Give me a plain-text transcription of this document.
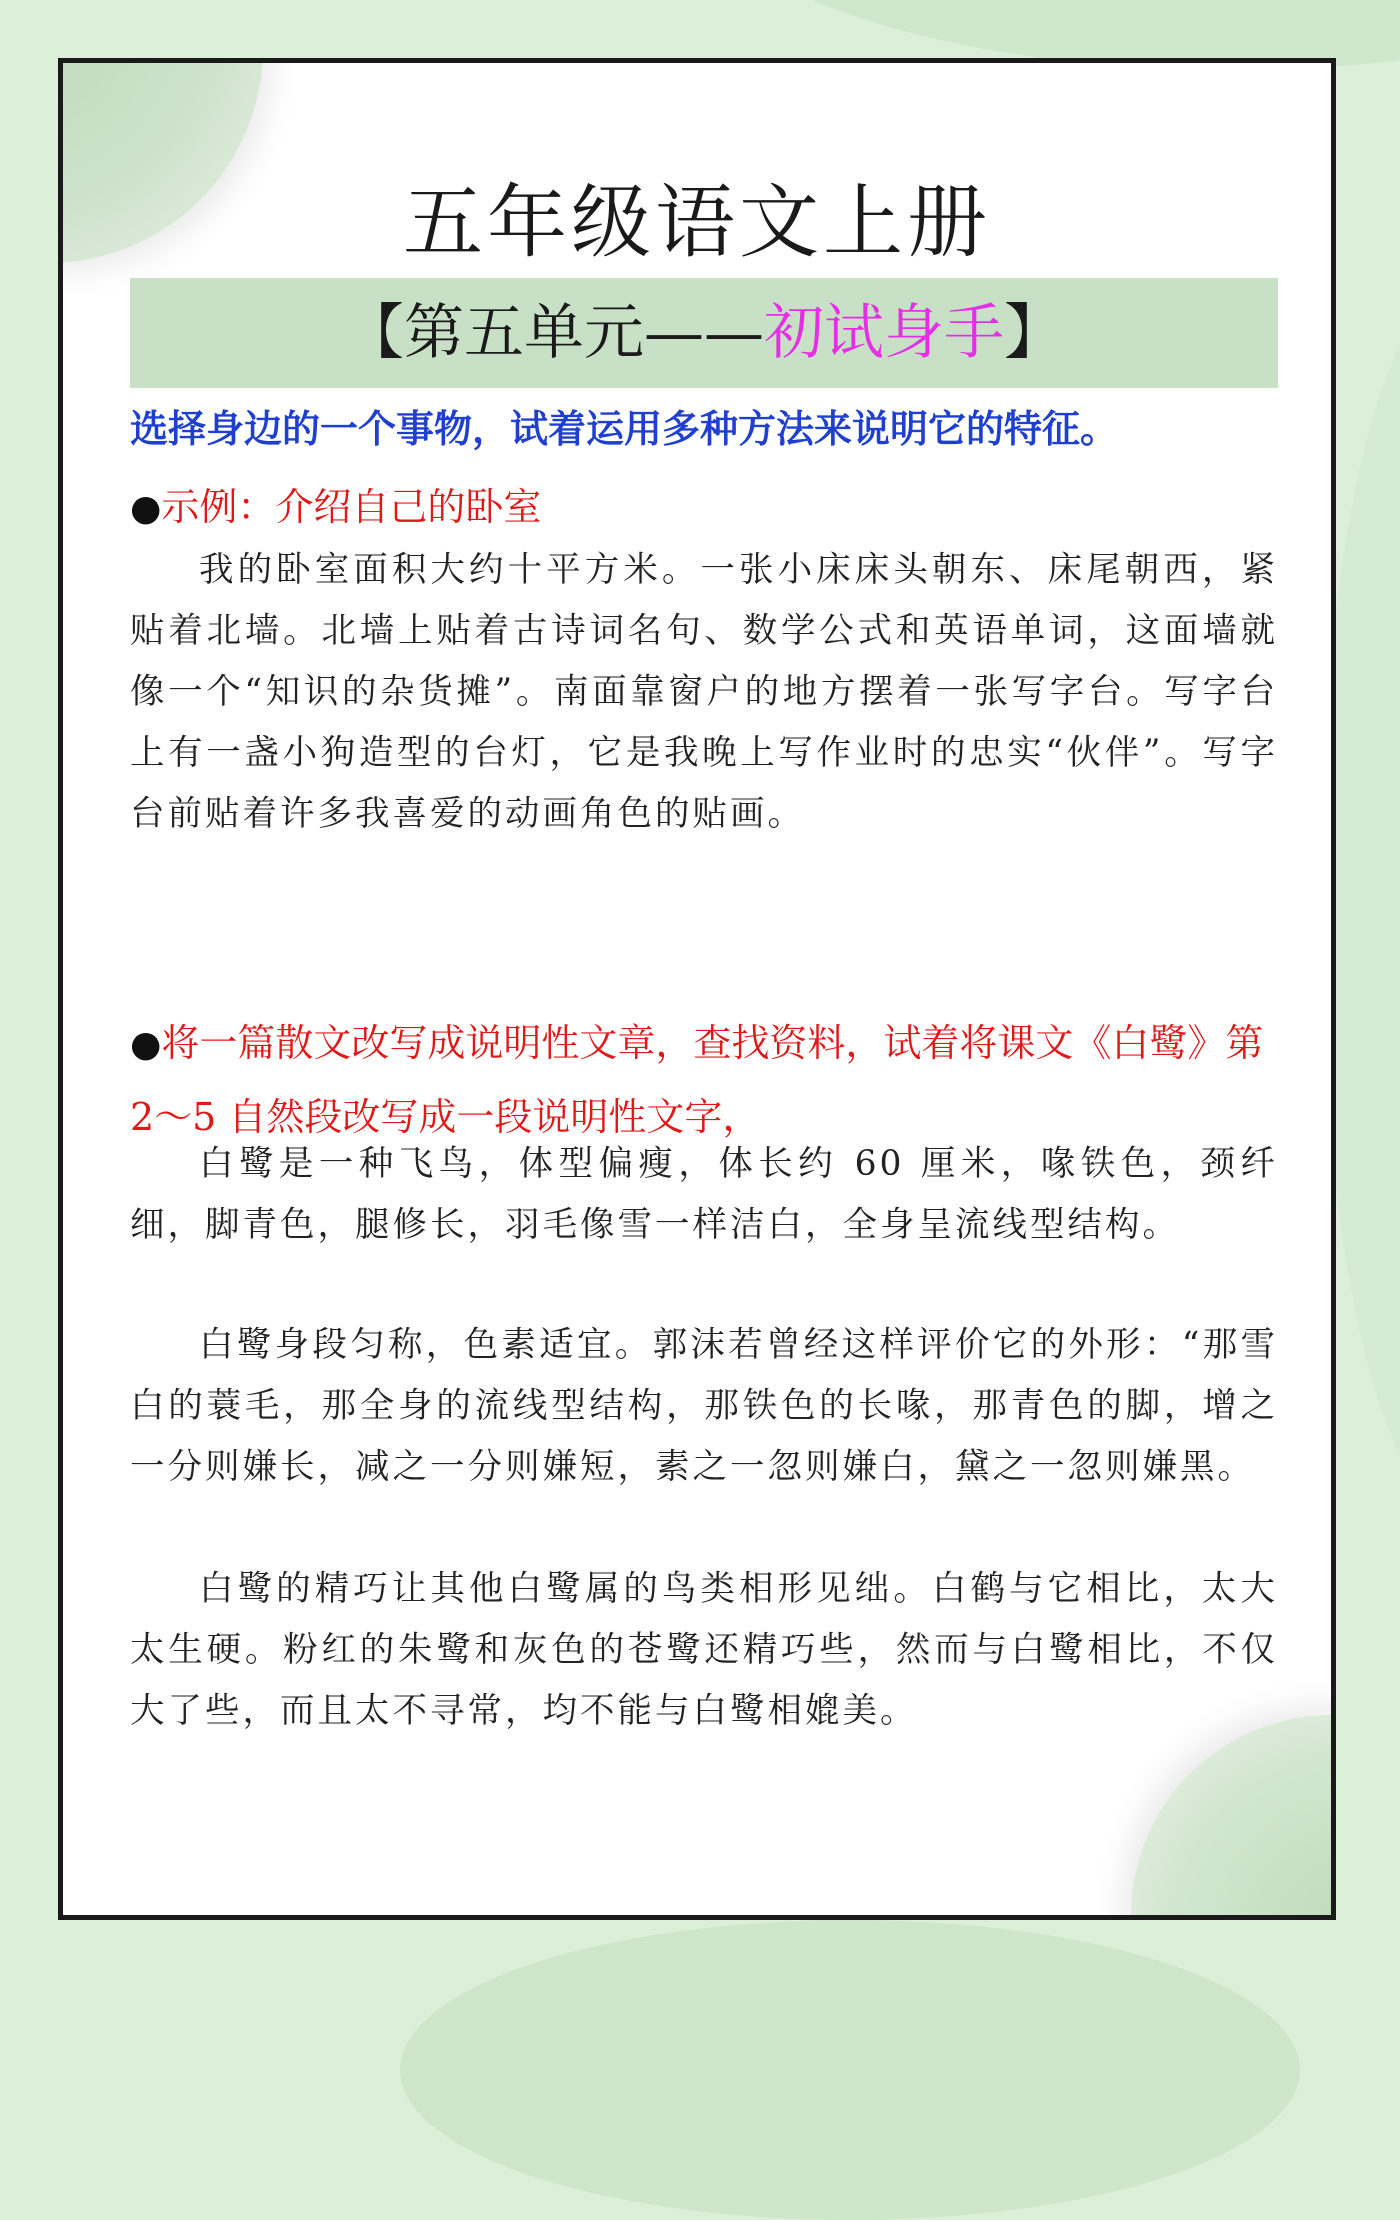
五年级语文上册
【第五单元——初试身手】
选择身边的一个事物，试着运用多种方法来说明它的特征。
●示例：介绍自己的卧室
我的卧室面积大约十平方米。一张小床床头朝东、床尾朝西，紧贴着北墙。北墙上贴着古诗词名句、数学公式和英语单词，这面墙就像一个“知识的杂货摊”。南面靠窗户的地方摆着一张写字台。写字台上有一盏小狗造型的台灯，它是我晚上写作业时的忠实“伙伴”。写字台前贴着许多我喜爱的动画角色的贴画。
●将一篇散文改写成说明性文章，查找资料，试着将课文《白鹭》第 2～5 自然段改写成一段说明性文字，
白鹭是一种飞鸟，体型偏瘦，体长约 60 厘米，喙铁色，颈纤细，脚青色，腿修长，羽毛像雪一样洁白，全身呈流线型结构。
白鹭身段匀称，色素适宜。郭沫若曾经这样评价它的外形：“那雪白的蓑毛，那全身的流线型结构，那铁色的长喙，那青色的脚，增之一分则嫌长，减之一分则嫌短，素之一忽则嫌白，黛之一忽则嫌黑。
白鹭的精巧让其他白鹭属的鸟类相形见绌。白鹤与它相比，太大太生硬。粉红的朱鹭和灰色的苍鹭还精巧些，然而与白鹭相比，不仅大了些，而且太不寻常，均不能与白鹭相媲美。
